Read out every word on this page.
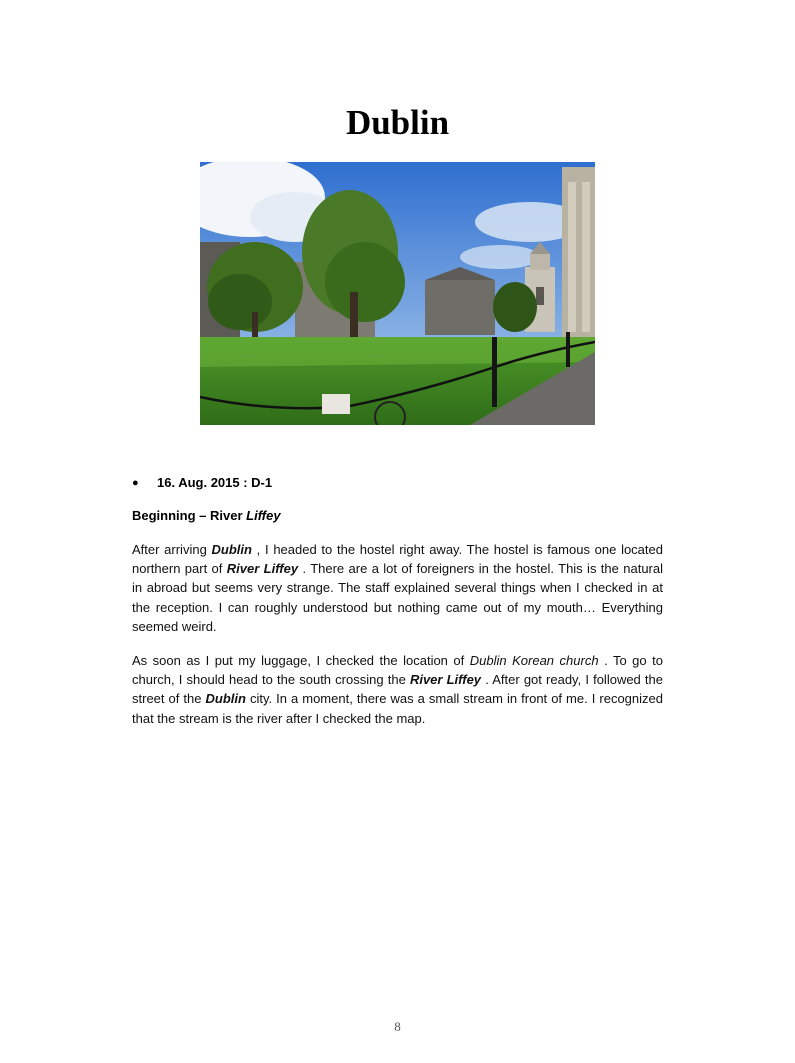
Dublin
● 16. Aug. 2015 : D-1
Beginning – River Liffey

After arriving Dublin , I headed to the hostel right away. The hostel is famous one located northern part of River Liffey . There are a lot of foreigners in the hostel. This is the natural in abroad but seems very strange. The staff explained several things when I checked in at the reception. I can roughly understood but nothing came out of my mouth… Everything seemed weird.

As soon as I put my luggage, I checked the location of Dublin Korean church . To go to church, I should head to the south crossing the River Liffey . After got ready, I followed the street of the Dublin city. In a moment, there was a small stream in front of me. I recognized that the stream is the river after I checked the map.

8
